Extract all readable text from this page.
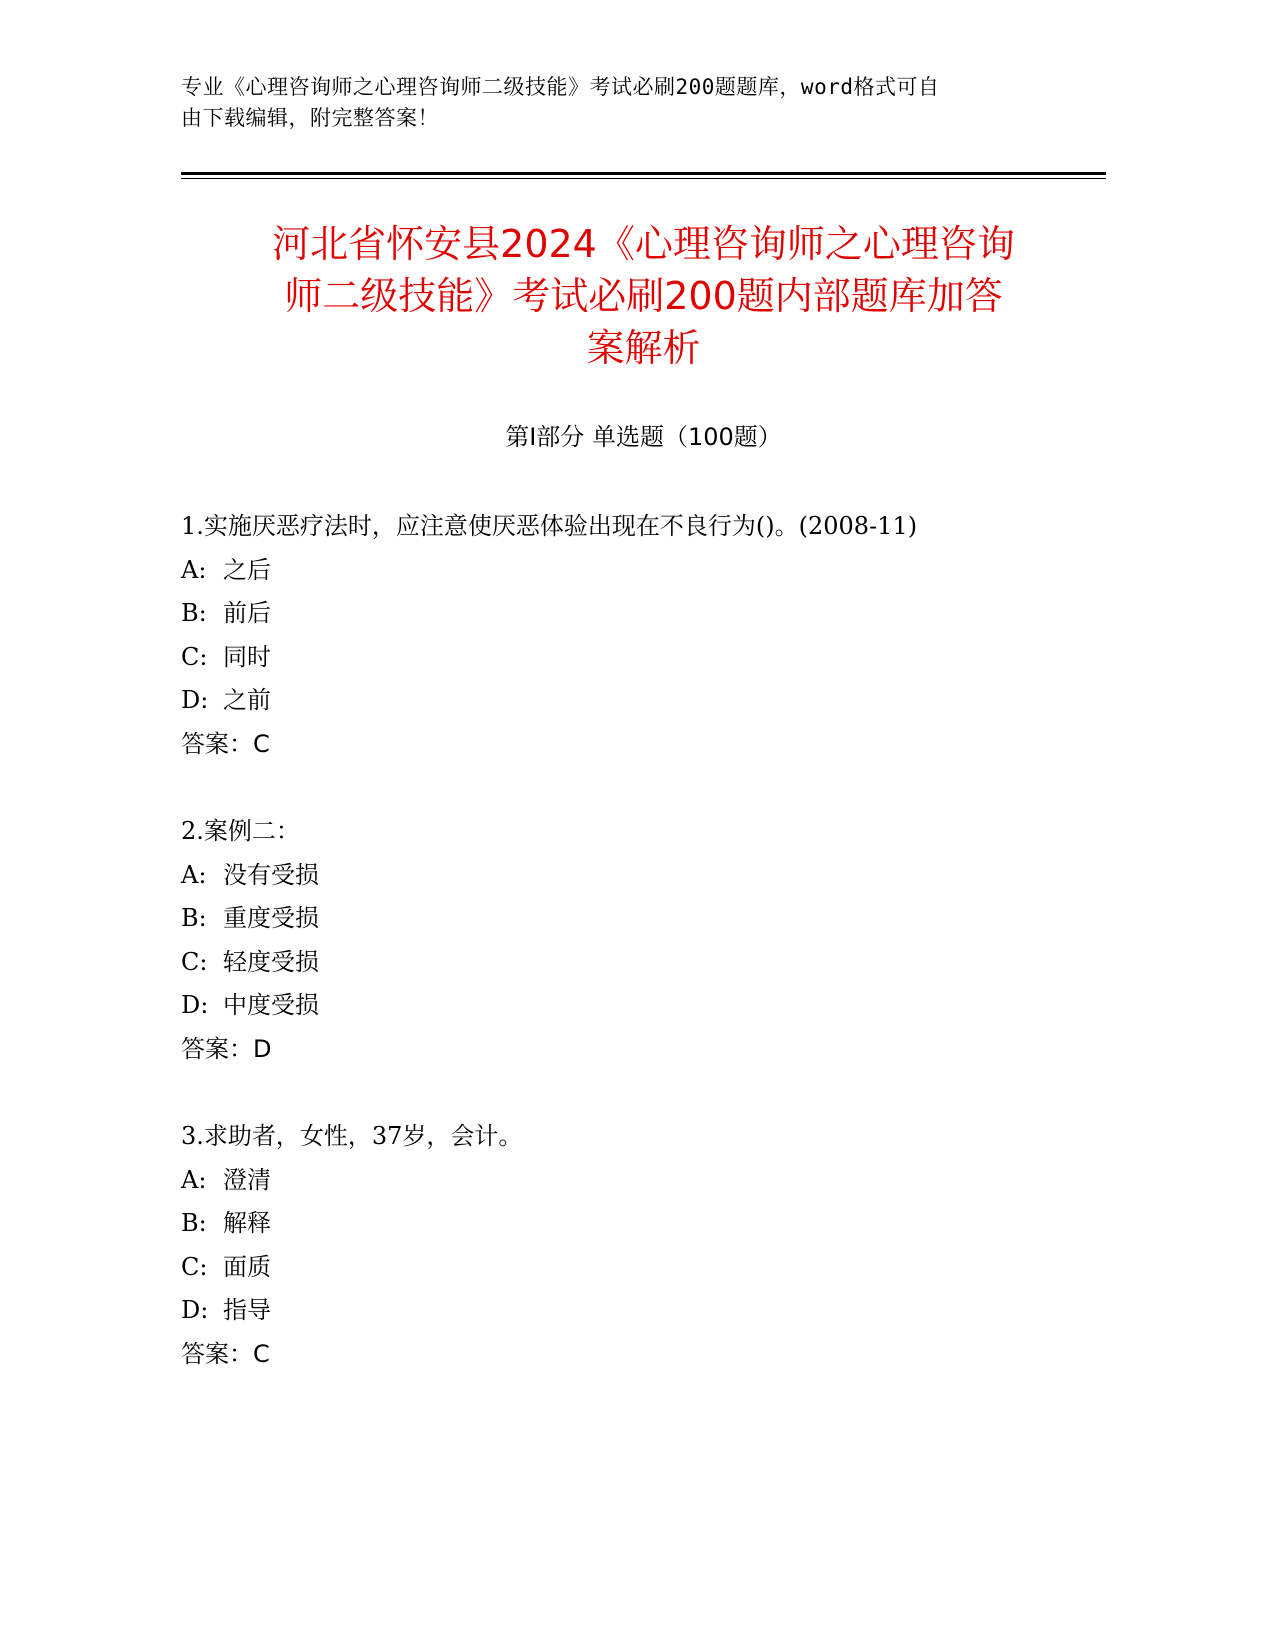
专业《心理咨询师之心理咨询师二级技能》考试必刷200题题库，word格式可自
由下载编辑，附完整答案！
河北省怀安县2024《心理咨询师之心理咨询
师二级技能》考试必刷200题内部题库加答
案解析
第Ⅰ部分 单选题（100题）
1.实施厌恶疗法时，应注意使厌恶体验出现在不良行为()。(2008-11)
A: 之后
B: 前后
C: 同时
D: 之前
答案：C
2.案例二：
A: 没有受损
B: 重度受损
C: 轻度受损
D: 中度受损
答案：D
3.求助者，女性，37岁，会计。
A: 澄清
B: 解释
C: 面质
D: 指导
答案：C
